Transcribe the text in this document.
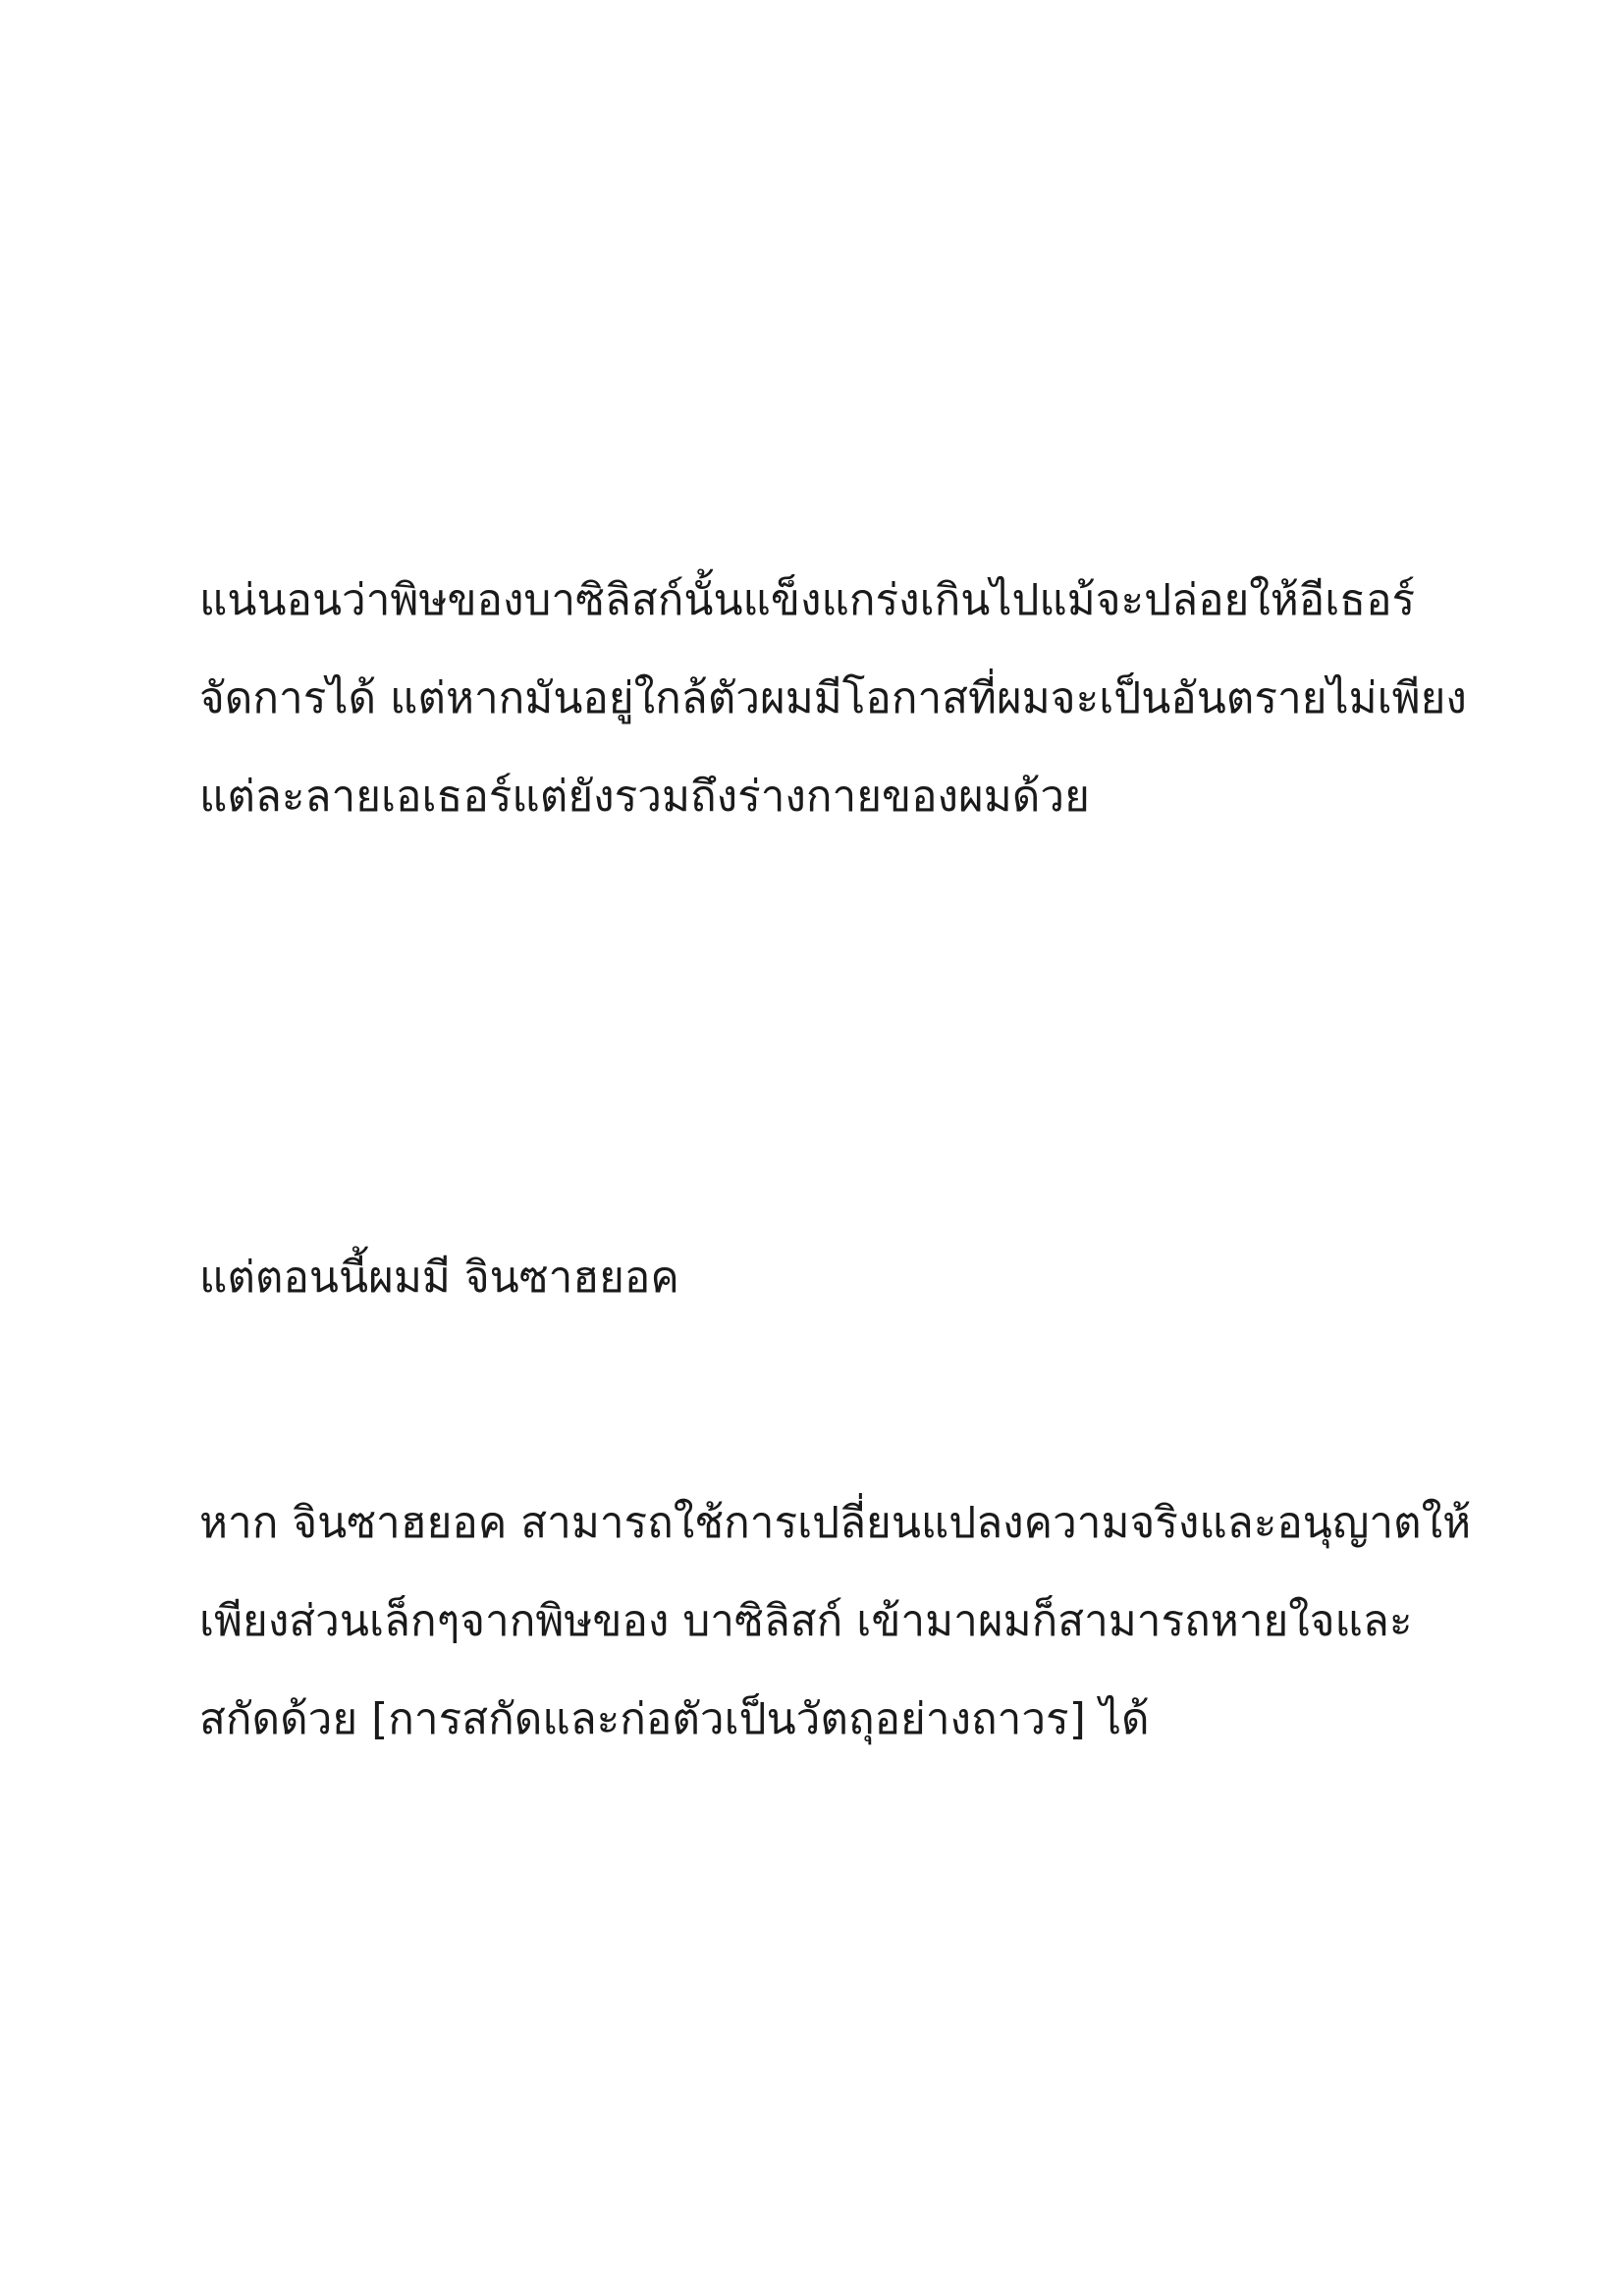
แน่นอนว่าพิษของบาซิลิสก์นั้นแข็งแกร่งเกินไปแม้จะปล่อยให้อีเธอร์
จัดการได้ แต่หากมันอยู่ใกล้ตัวผมมีโอกาสที่ผมจะเป็นอันตรายไม่เพียง
แต่ละลายเอเธอร์แต่ยังรวมถึงร่างกายของผมด้วย
แต่ตอนนี้ผมมี จินซาฮยอค
หาก จินซาฮยอค สามารถใช้การเปลี่ยนแปลงความจริงและอนุญาตให้
เพียงส่วนเล็กๆจากพิษของ บาซิลิสก์ เข้ามาผมก็สามารถหายใจและ
สกัดด้วย [การสกัดและก่อตัวเป็นวัตถุอย่างถาวร] ได้
